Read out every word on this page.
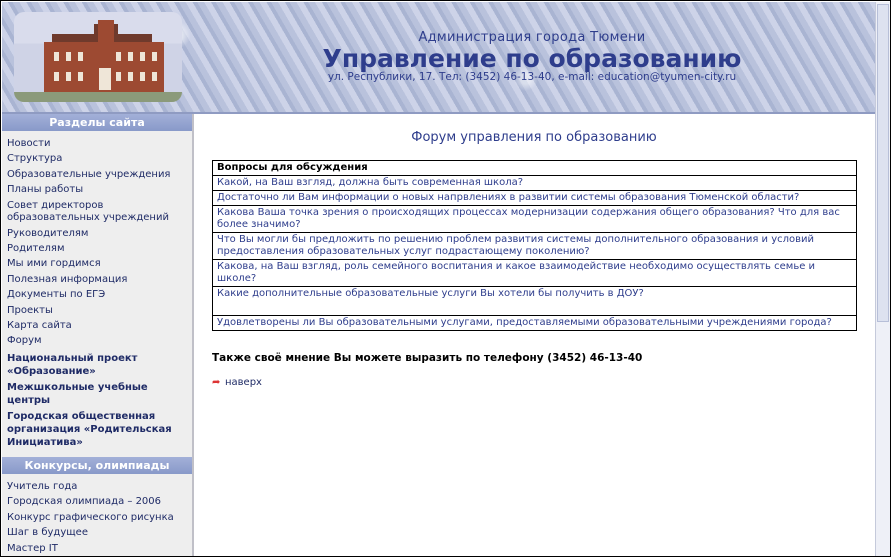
Администрация города Тюмени
Управление по образованию
ул. Республики, 17. Тел: (3452) 46-13-40, e-mail: education@tyumen-city.ru
Разделы сайта
Новости
Структура
Образовательные учреждения
Планы работы
Совет директоров образовательных учреждений
Руководителям
Родителям
Мы ими гордимся
Полезная информация
Документы по ЕГЭ
Проекты
Карта сайта
Форум
Национальный проект «Образование»
Межшкольные учебные центры
Городская общественная организация «Родительская Инициатива»
Конкурсы, олимпиады
Учитель года
Городская олимпиада – 2006
Конкурс графического рисунка
Шаг в будущее
Мастер IT
Форум управления по образованию
Вопросы для обсуждения
Какой, на Ваш взгляд, должна быть современная школа?
Достаточно ли Вам информации о новых напрвлениях в развитии системы образования Тюменской области?
Какова Ваша точка зрения о происходящих процессах модернизации содержания общего образования? Что для вас более значимо?
Что Вы могли бы предложить по решению проблем развития системы дополнительного образования и условий предоставления образовательных услуг подрастающему поколению?
Какова, на Ваш взгляд, роль семейного воспитания и какое взаимодействие необходимо осуществлять семье и школе?
Какие дополнительные образовательные услуги Вы хотели бы получить в ДОУ?
Удовлетворены ли Вы образовательными услугами, предоставляемыми образовательными учреждениями города?
Также своё мнение Вы можете выразить по телефону (3452) 46-13-40
➦ наверх
